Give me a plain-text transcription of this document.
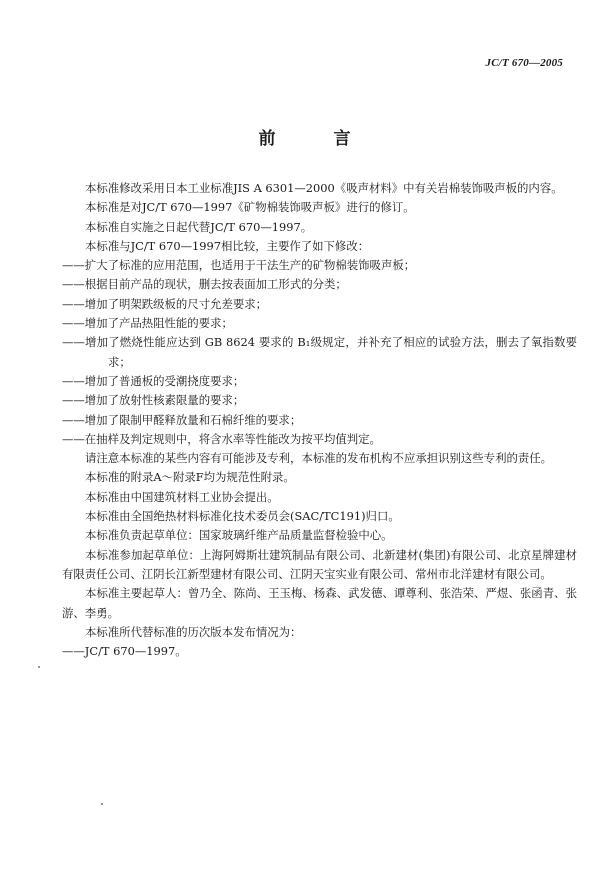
JC/T 670—2005
前 言

本标准修改采用日本工业标准JIS A 6301—2000《吸声材料》中有关岩棉装饰吸声板的内容。

本标准是对JC/T 670—1997《矿物棉装饰吸声板》进行的修订。

本标准自实施之日起代替JC/T 670—1997。

本标准与JC/T 670—1997相比较，主要作了如下修改：

——扩大了标准的应用范围，也适用于干法生产的矿物棉装饰吸声板；

——根据目前产品的现状，删去按表面加工形式的分类；

——增加了明架跌级板的尺寸允差要求；

——增加了产品热阻性能的要求；

——增加了燃烧性能应达到 GB 8624 要求的 B₁级规定，并补充了相应的试验方法，删去了氧指数要求；

——增加了普通板的受潮挠度要求；

——增加了放射性核素限量的要求；

——增加了限制甲醛释放量和石棉纤维的要求；

——在抽样及判定规则中，将含水率等性能改为按平均值判定。

请注意本标准的某些内容有可能涉及专利，本标准的发布机构不应承担识别这些专利的责任。

本标准的附录A～附录F均为规范性附录。

本标准由中国建筑材料工业协会提出。

本标准由全国绝热材料标准化技术委员会(SAC/TC191)归口。

本标准负责起草单位：国家玻璃纤维产品质量监督检验中心。

本标准参加起草单位：上海阿姆斯壮建筑制品有限公司、北新建材(集团)有限公司、北京星牌建材有限责任公司、江阴长江新型建材有限公司、江阴天宝实业有限公司、常州市北洋建材有限公司。

本标准主要起草人：曾乃全、陈尚、王玉梅、杨森、武发德、谭尊利、张浩荣、严煜、张函青、张游、李勇。

本标准所代替标准的历次版本发布情况为：

——JC/T 670—1997。
